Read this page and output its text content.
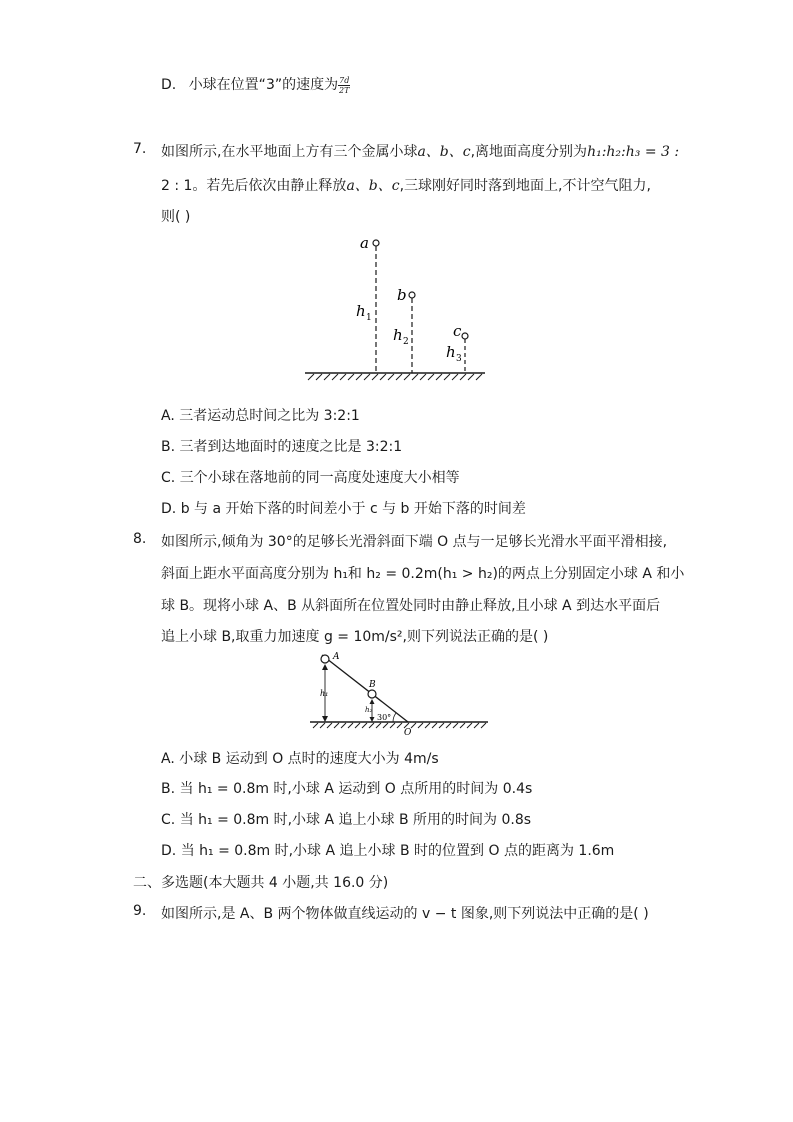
D. 小球在位置“3”的速度为 $\frac{7d}{2T}$
7. 如图所示,在水平地面上方有三个金属小球a、b、c,离地面高度分别为h₁:h₂:h₃ = 3 :
2 : 1。若先后依次由静止释放a、b、c,三球刚好同时落到地面上,不计空气阻力,
则( )
a
h 1
b
h 2
c
h 3
A. 三者运动总时间之比为 3:2:1
B. 三者到达地面时的速度之比是 3:2:1
C. 三个小球在落地前的同一高度处速度大小相等
D. b 与 a 开始下落的时间差小于 c 与 b 开始下落的时间差
8. 如图所示,倾角为 30°的足够长光滑斜面下端 O 点与一足够长光滑水平面平滑相接,
斜面上距水平面高度分别为 h₁和 h₂ = 0.2m(h₁ > h₂)的两点上分别固定小球 A 和小
球 B。现将小球 A、B 从斜面所在位置处同时由静止释放,且小球 A 到达水平面后
追上小球 B,取重力加速度 g = 10m/s²,则下列说法正确的是( )
A
h₁
B
h₂
30°
O
A. 小球 B 运动到 O 点时的速度大小为 4m/s
B. 当 h₁ = 0.8m 时,小球 A 运动到 O 点所用的时间为 0.4s
C. 当 h₁ = 0.8m 时,小球 A 追上小球 B 所用的时间为 0.8s
D. 当 h₁ = 0.8m 时,小球 A 追上小球 B 时的位置到 O 点的距离为 1.6m
二、多选题(本大题共 4 小题,共 16.0 分)
9. 如图所示,是 A、B 两个物体做直线运动的 v − t 图象,则下列说法中正确的是( )
